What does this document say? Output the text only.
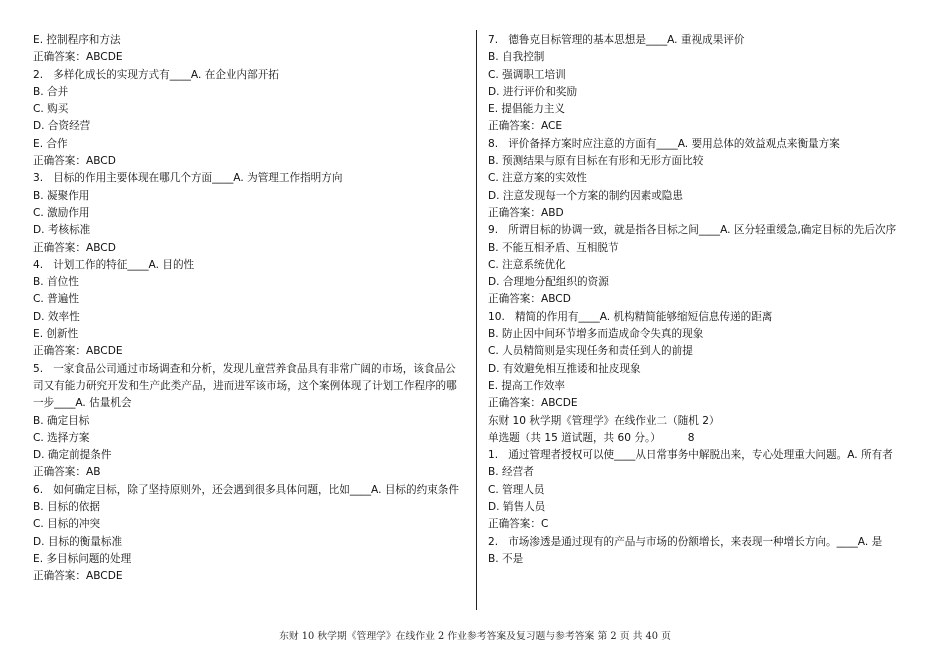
E. 控制程序和方法
正确答案：ABCDE
2.   多样化成长的实现方式有____A. 在企业内部开拓
B. 合并
C. 购买
D. 合资经营
E. 合作
正确答案：ABCD
3.   目标的作用主要体现在哪几个方面____A. 为管理工作指明方向
B. 凝聚作用
C. 激励作用
D. 考核标准
正确答案：ABCD
4.   计划工作的特征____A. 目的性
B. 首位性
C. 普遍性
D. 效率性
E. 创新性
正确答案：ABCDE
5.   一家食品公司通过市场调查和分析，发现儿童营养食品具有非常广阔的市场，该食品公司又有能力研究开发和生产此类产品，进而进军该市场，这个案例体现了计划工作程序的哪一步____A. 估量机会
B. 确定目标
C. 选择方案
D. 确定前提条件
正确答案：AB
6.   如何确定目标，除了坚持原则外，还会遇到很多具体问题，比如____A. 目标的约束条件
B. 目标的依据
C. 目标的冲突
D. 目标的衡量标准
E. 多目标问题的处理
正确答案：ABCDE
7.   德鲁克目标管理的基本思想是____A. 重视成果评价
B. 自我控制
C. 强调职工培训
D. 进行评价和奖励
E. 提倡能力主义
正确答案：ACE
8.   评价备择方案时应注意的方面有____A. 要用总体的效益观点来衡量方案
B. 预测结果与原有目标在有形和无形方面比较
C. 注意方案的实效性
D. 注意发现每一个方案的制约因素或隐患
正确答案：ABD
9.   所谓目标的协调一致，就是指各目标之间____A. 区分轻重缓急,确定目标的先后次序
B. 不能互相矛盾、互相脱节
C. 注意系统优化
D. 合理地分配组织的资源
正确答案：ABCD
10.   精简的作用有____A. 机构精简能够缩短信息传递的距离
B. 防止因中间环节增多而造成命令失真的现象
C. 人员精简则是实现任务和责任到人的前提
D. 有效避免相互推诿和扯皮现象
E. 提高工作效率
正确答案：ABCDE
东财 10 秋学期《管理学》在线作业二（随机 2）
单选题（共 15 道试题，共 60 分。）        8
1.   通过管理者授权可以使____从日常事务中解脱出来，专心处理重大问题。A. 所有者
B. 经营者
C. 管理人员
D. 销售人员
正确答案：C
2.   市场渗透是通过现有的产品与市场的份额增长，来表现一种增长方向。____A. 是
B. 不是
东财 10 秋学期《管理学》在线作业 2 作业参考答案及复习题与参考答案 第 2 页 共 40 页
